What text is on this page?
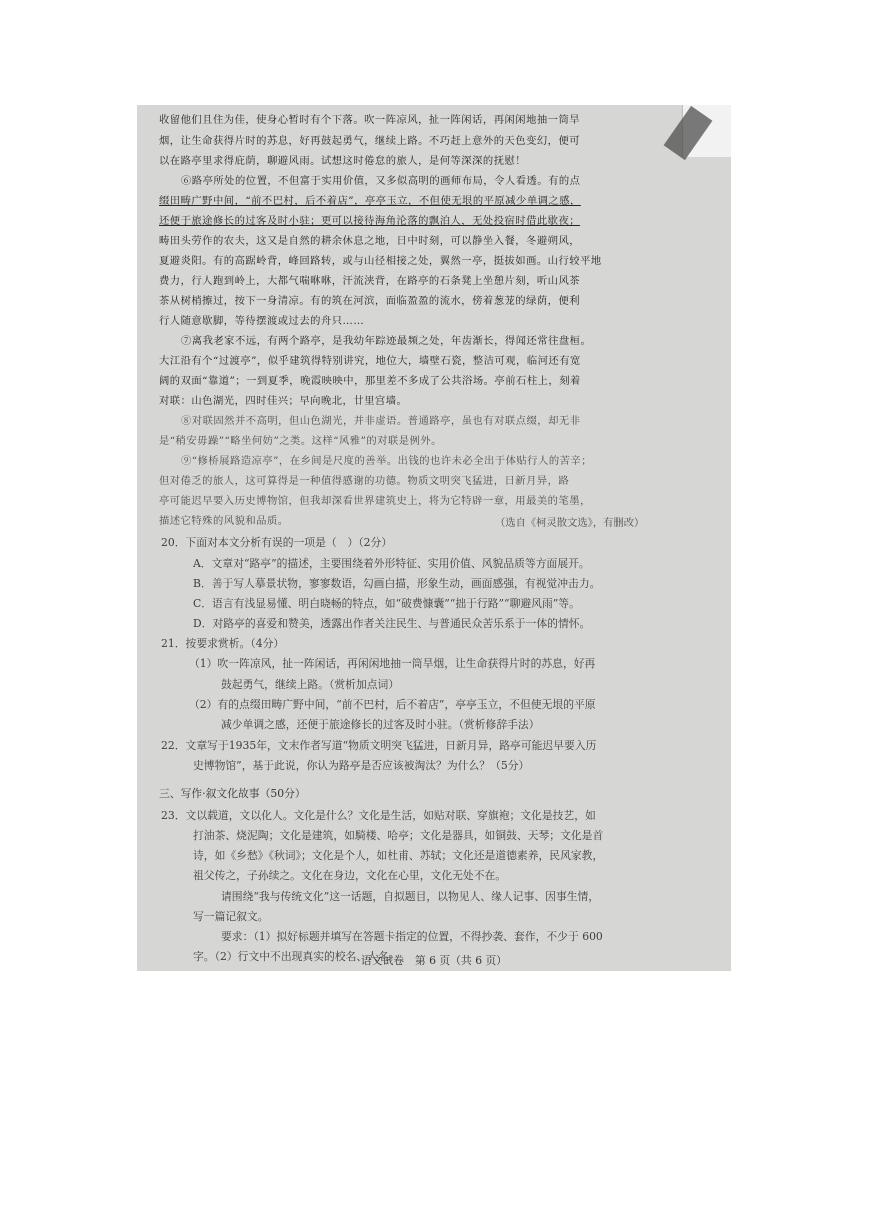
收留他们且住为佳，使身心暂时有个下落。吹一阵凉风，扯一阵闲话，再闲闲地抽一筒旱
烟，让生命获得片时的苏息，好再鼓起勇气，继续上路。不巧赶上意外的天色变幻，便可
以在路亭里求得庇荫，聊避风雨。试想这时倦怠的旅人，是何等深深的抚慰！
⑥路亭所处的位置，不但富于实用价值，又多似高明的画师布局，令人看透。有的点
缀田畴广野中间，“前不巴村，后不着店”，亭亭玉立，不但使无垠的平原减少单调之感，
还便于旅途修长的过客及时小驻；更可以接待海角沦落的飘泊人，无处投宿时借此歇夜；
畴田头劳作的农夫，这又是自然的耕余休息之地，日中时刻，可以静坐入餐，冬避朔风，
夏避炎阳。有的高踞岭背，峰回路转，或与山径相接之处，翼然一亭，挺拔如画。山行较平地
费力，行人跑到岭上，大都气喘咻咻，汗流浃背，在路亭的石条凳上坐憩片刻，听山风茶
茶从树梢擦过，按下一身清凉。有的筑在河滨，面临盈盈的流水，傍着葱茏的绿荫，便利
行人随意歇脚，等待摆渡或过去的舟只……
⑦离我老家不远，有两个路亭，是我幼年踪迹最频之处，年齿渐长，得闻还常往盘桓。
大江沿有个“过渡亭”，似乎建筑得特别讲究，地位大，墙壁石瓷，整洁可观，临河还有宽
阔的双面“靠道”；一到夏季，晚霞映映中，那里差不多成了公共浴场。亭前石柱上，刻着
对联：山色湖光，四时佳兴；早向晚北，廿里宫墙。
⑧对联固然并不高明，但山色湖光，并非虚语。普通路亭，虽也有对联点缀，却无非
是“稍安毋躁”“略坐何妨”之类。这样“风雅”的对联是例外。
⑨“修桥展路造凉亭”，在乡间是尺度的善举。出钱的也许未必全出于体贴行人的苦辛；
但对倦乏的旅人，这可算得是一种值得感谢的功德。物质文明突飞猛进，日新月异，路
亭可能迟早要入历史博物馆，但我却深看世界建筑史上，将为它特辟一章，用最美的笔墨，
描述它特殊的风貌和品质。	（选自《柯灵散文选》，有删改）
20．下面对本文分析有误的一项是（　）（2分）
A．文章对“路亭”的描述，主要围绕着外形特征、实用价值、风貌品质等方面展开。
B．善于写人摹景状物，寥寥数语，勾画白描，形象生动，画面感强，有视觉冲击力。
C．语言有浅显易懂、明白晓畅的特点，如“破费慷囊”“拙于行路”“聊避风雨”等。
D．对路亭的喜爱和赞美，透露出作者关注民生、与普通民众苦乐系于一体的情怀。
21．按要求赏析。（4分）
（1）吹一阵凉风，扯一阵闲话，再闲闲地抽一筒旱烟，让生命获得片时的苏息，好再
鼓起勇气，继续上路。（赏析加点词）
（2）有的点缀田畴广野中间，“前不巴村，后不着店”，亭亭玉立，不但使无垠的平原
减少单调之感，还便于旅途修长的过客及时小驻。（赏析修辞手法）
22．文章写于1935年，文末作者写道“物质文明突飞猛进，日新月异，路亭可能迟早要入历
史博物馆”，基于此说，你认为路亭是否应该被淘汰？为什么？（5分）
三、写作·叙文化故事（50分）
23．文以载道，文以化人。文化是什么？文化是生活，如贴对联、穿旗袍；文化是技艺，如
打油茶、烧泥陶；文化是建筑，如騎楼、哈亭；文化是器具，如铜鼓、天琴；文化是首
诗，如《乡愁》《秋词》；文化是个人，如杜甫、苏轼；文化还是道德素养，民风家教，
祖父传之，子孙续之。文化在身边，文化在心里，文化无处不在。
请围绕“我与传统文化”这一话题，自拟题目，以物见人、缘人记事、因事生情，
写一篇记叙文。
要求：（1）拟好标题并填写在答题卡指定的位置，不得抄袭、套作，不少于 600
字。（2）行文中不出现真实的校名、人名。
语文试卷　第 6 页（共 6 页）
